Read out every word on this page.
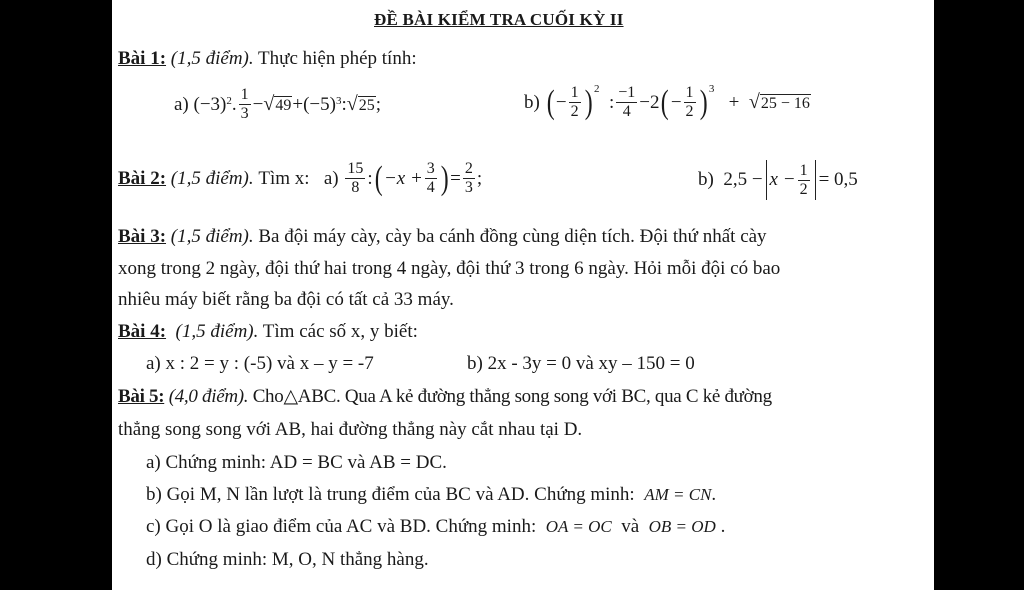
ĐỀ BÀI KIỂM TRA CUỐI KỲ II
Bài 1: (1,5 điểm). Thực hiện phép tính:
a)
(−3) 2 . $\frac{1}{3} - √49 + (-5)$ 3 : √25 ;	b)
( − $\frac{1}{2}$ ) 2

: $\frac{-1}{4} - 2$ ( − $\frac{1}{2}$ ) 3

+
√25 − 16
Bài 2:
(1,5 điểm).
Tìm x:
a)
$\frac{15}{8}$ : ( $-x + \frac{3}{4}$ ) = $\frac{2}{3}$ ;	b)
$2,5 - x - \frac{1}{2} = 0,5$
Bài 3: (1,5 điểm). Ba đội máy cày, cày ba cánh đồng cùng diện tích. Đội thứ nhất cày
xong trong 2 ngày, đội thứ hai trong 4 ngày, đội thứ 3 trong 6 ngày. Hỏi mỗi đội có bao
nhiêu máy biết rằng ba đội có tất cả 33 máy.
Bài 4: (1,5 điểm). Tìm các số x, y biết:
a) x : 2 = y : (-5) và x – y = -7	b) 2x - 3y = 0 và xy – 150 = 0
Bài 5: (4,0 điểm). Cho△ABC. Qua A kẻ đường thẳng song song với BC, qua C kẻ đường
thẳng song song với AB, hai đường thẳng này cắt nhau tại D.
a) Chứng minh: AD = BC và AB = DC.
b) Gọi M, N lần lượt là trung điểm của BC và AD. Chứng minh: AM = CN.
c) Gọi O là giao điểm của AC và BD. Chứng minh: OA = OC và OB = OD .
d) Chứng minh: M, O, N thẳng hàng.
